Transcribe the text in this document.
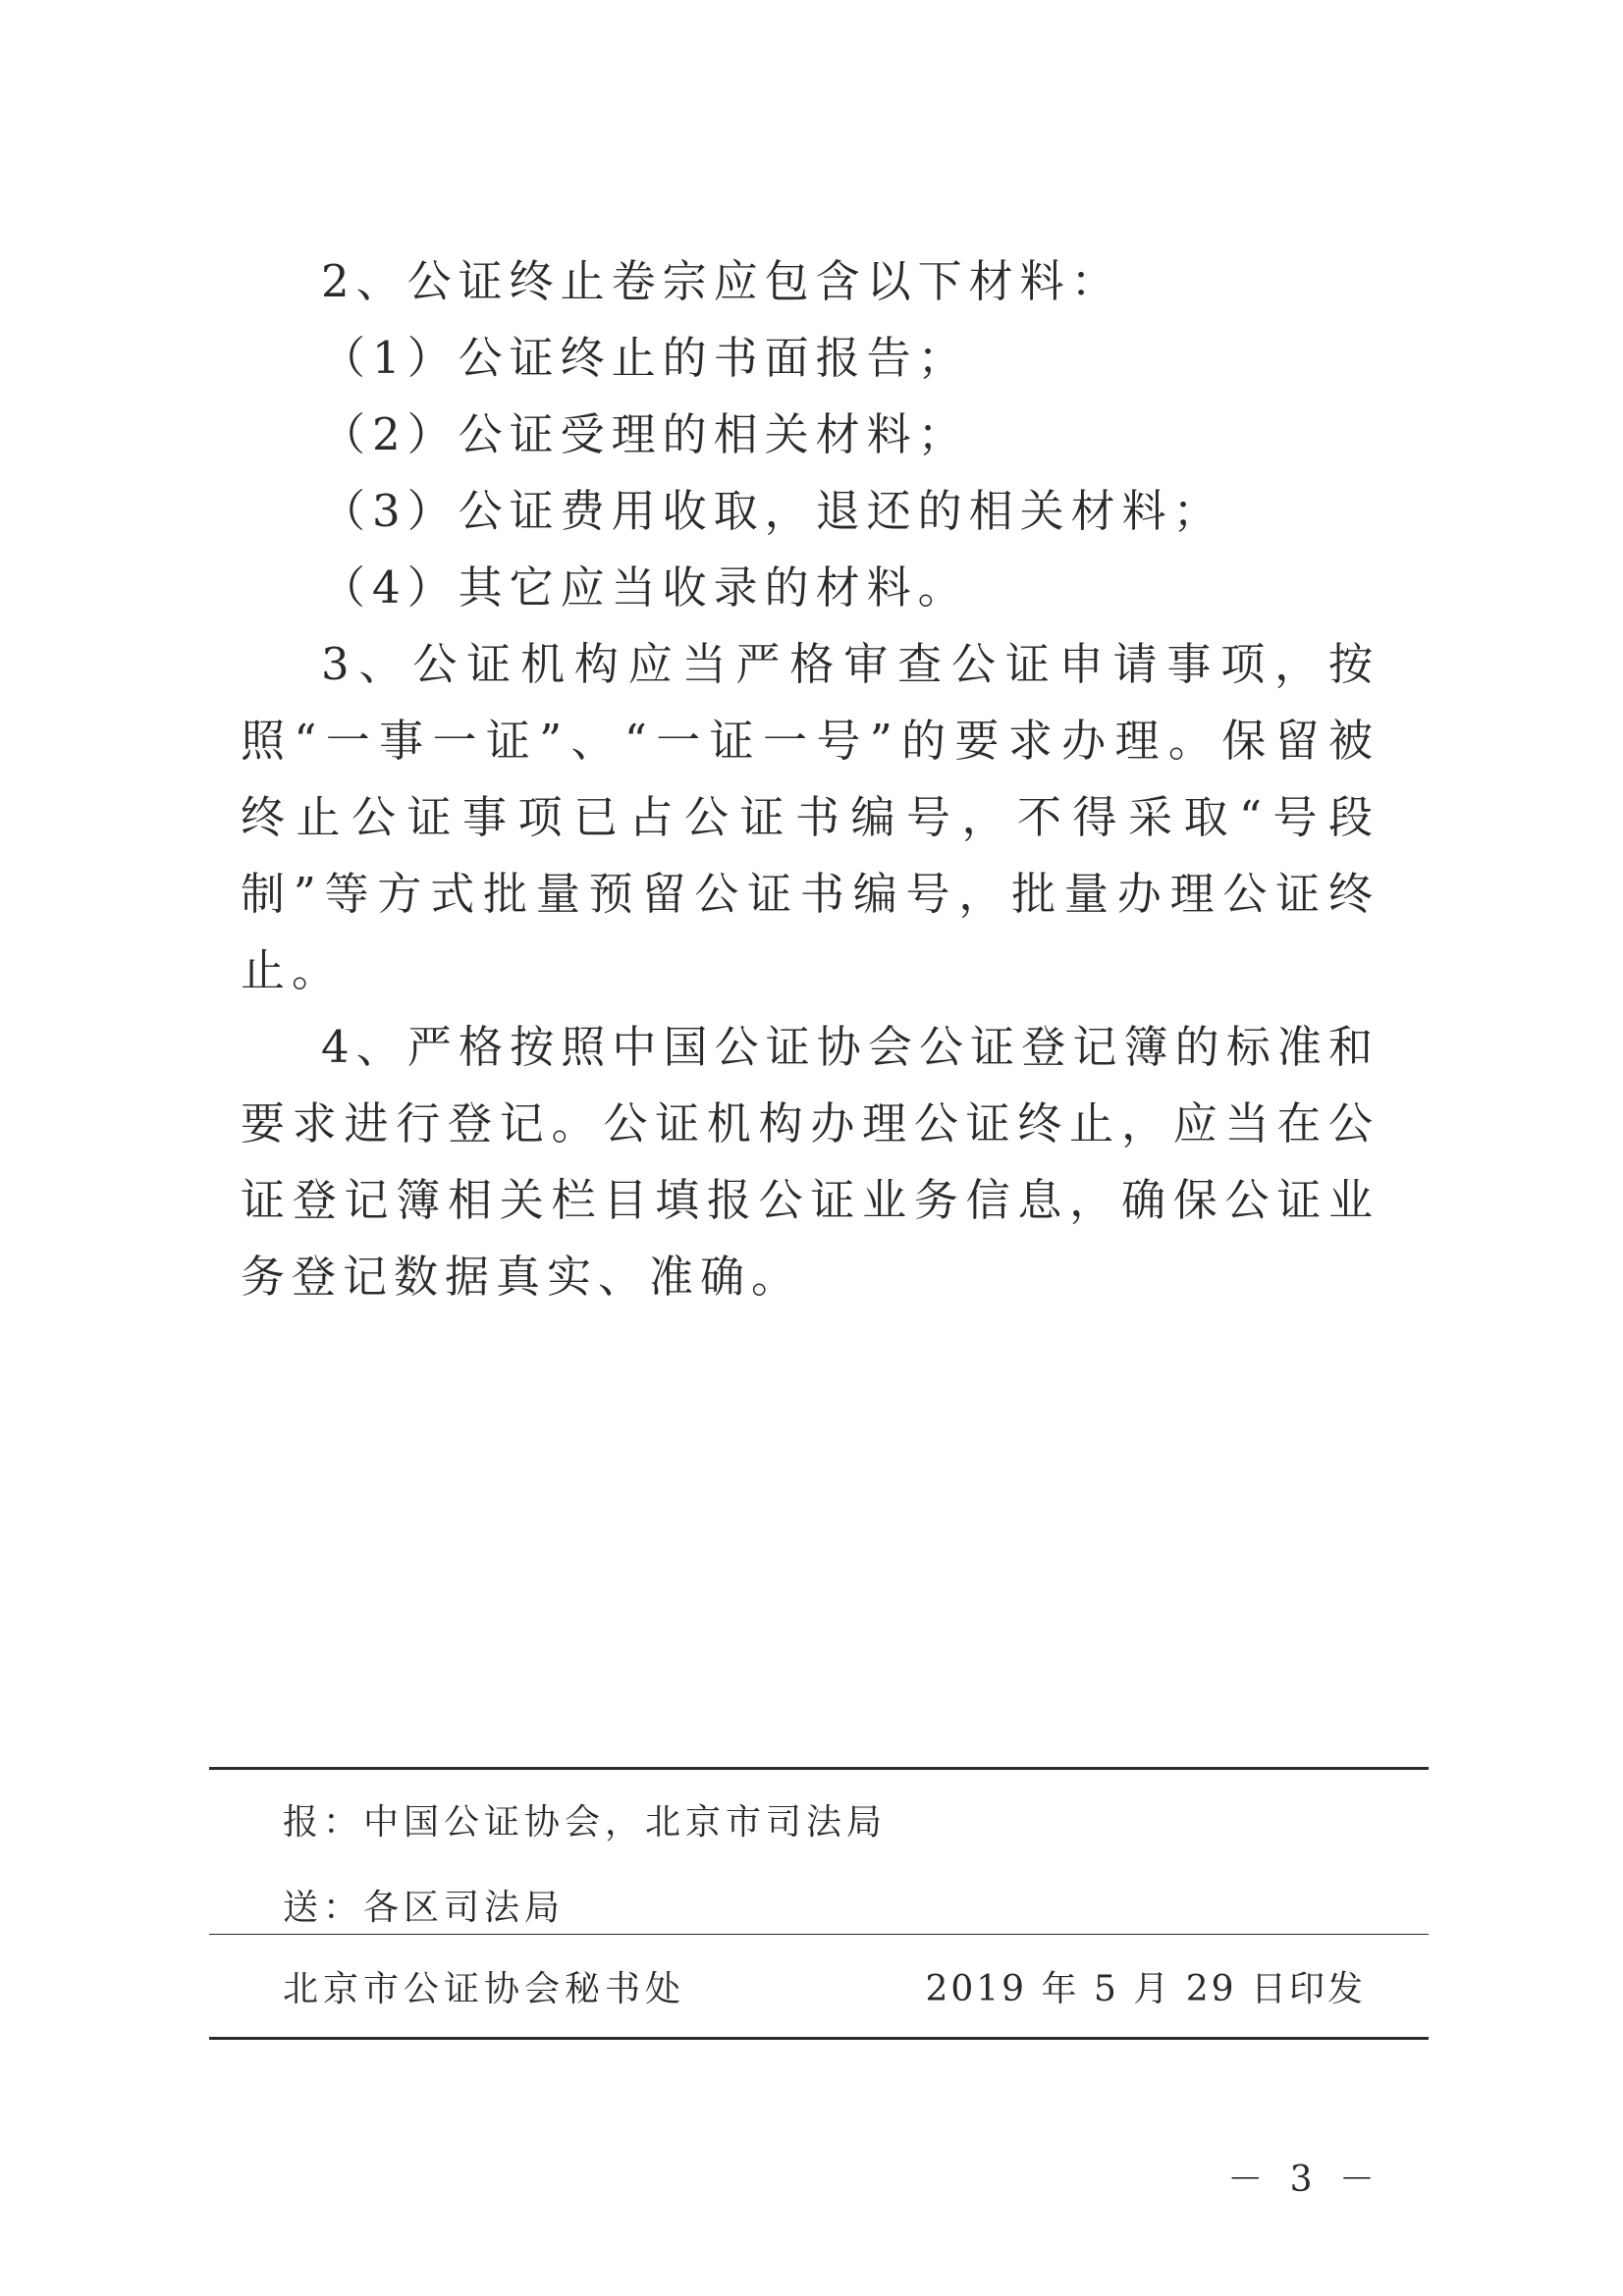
2、公证终止卷宗应包含以下材料：

（1）公证终止的书面报告；

（2）公证受理的相关材料；

（3）公证费用收取，退还的相关材料；

（4）其它应当收录的材料。

3、公证机构应当严格审查公证申请事项，按照“一事一证”、“一证一号”的要求办理。保留被终止公证事项已占公证书编号，不得采取“号段制”等方式批量预留公证书编号，批量办理公证终止。

4、严格按照中国公证协会公证登记簿的标准和要求进行登记。公证机构办理公证终止，应当在公证登记簿相关栏目填报公证业务信息，确保公证业务登记数据真实、准确。

报：中国公证协会，北京市司法局
送：各区司法局
北京市公证协会秘书处	2019 年 5 月 29 日印发
－ 3 －
